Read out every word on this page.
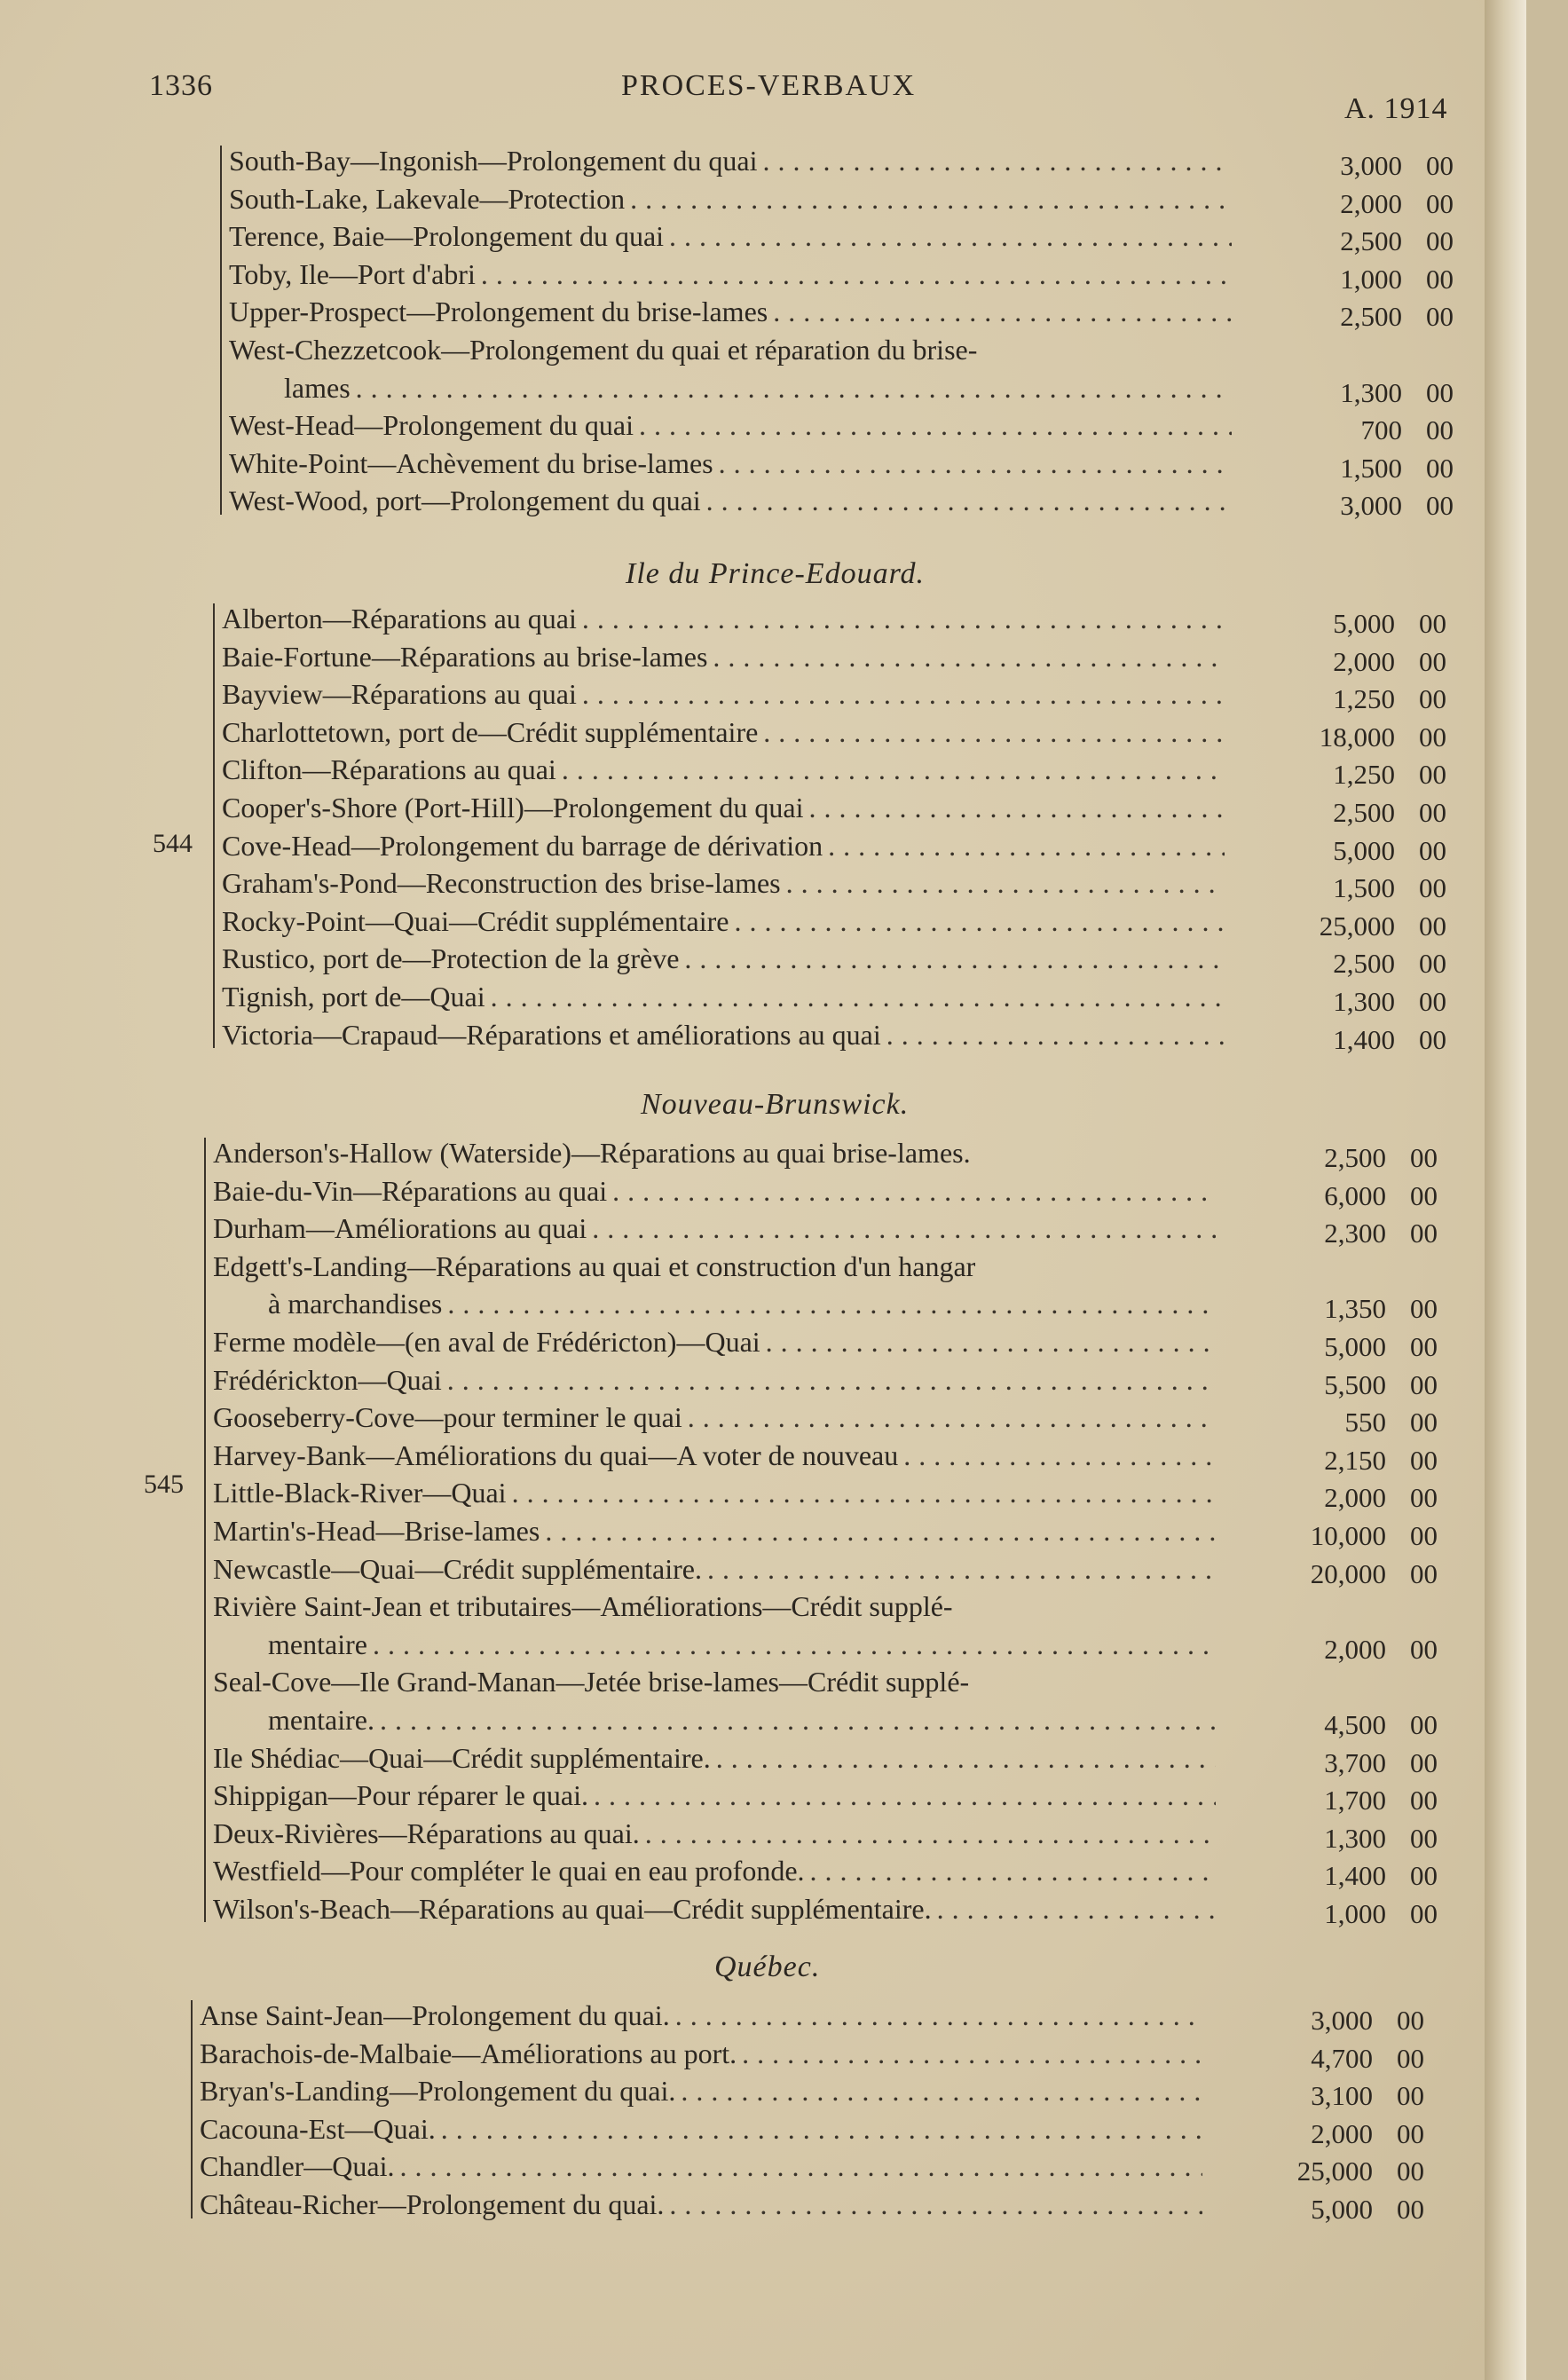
1336	PROCES-VERBAUX
A. 1914
South-Bay—Ingonish—Prolongement du quai .....	3,000 00
South-Lake, Lakevale—Protection .....	2,000 00
Terence, Baie—Prolongement du quai .....	2,500 00
Toby, Ile—Port d'abri .....	1,000 00
Upper-Prospect—Prolongement du brise-lames .....	2,500 00
West-Chezzetcook—Prolongement du quai et réparation du brise-
lames .....	1,300 00
West-Head—Prolongement du quai .....	700 00
White-Point—Achèvement du brise-lames .....	1,500 00
West-Wood, port—Prolongement du quai .....	3,000 00
Ile du Prince-Edouard.
544
Alberton—Réparations au quai .....	5,000 00
Baie-Fortune—Réparations au brise-lames .....	2,000 00
Bayview—Réparations au quai .....	1,250 00
Charlottetown, port de—Crédit supplémentaire .....	18,000 00
Clifton—Réparations au quai .....	1,250 00
Cooper's-Shore (Port-Hill)—Prolongement du quai .....	2,500 00
Cove-Head—Prolongement du barrage de dérivation .....	5,000 00
Graham's-Pond—Reconstruction des brise-lames .....	1,500 00
Rocky-Point—Quai—Crédit supplémentaire .....	25,000 00
Rustico, port de—Protection de la grève .....	2,500 00
Tignish, port de—Quai .....	1,300 00
Victoria—Crapaud—Réparations et améliorations au quai .....	1,400 00
Nouveau-Brunswick.
545
Anderson's-Hallow (Waterside)—Réparations au quai brise-lames.	2,500 00
Baie-du-Vin—Réparations au quai .....	6,000 00
Durham—Améliorations au quai .....	2,300 00
Edgett's-Landing—Réparations au quai et construction d'un hangar
à marchandises .....	1,350 00
Ferme modèle—(en aval de Frédéricton)—Quai .....	5,000 00
Frédérickton—Quai .....	5,500 00
Gooseberry-Cove—pour terminer le quai .....	550 00
Harvey-Bank—Améliorations du quai—A voter de nouveau .....	2,150 00
Little-Black-River—Quai .....	2,000 00
Martin's-Head—Brise-lames .....	10,000 00
Newcastle—Quai—Crédit supplémentaire. .....	20,000 00
Rivière Saint-Jean et tributaires—Améliorations—Crédit supplé-
mentaire .....	2,000 00
Seal-Cove—Ile Grand-Manan—Jetée brise-lames—Crédit supplé-
mentaire. .....	4,500 00
Ile Shédiac—Quai—Crédit supplémentaire. .....	3,700 00
Shippigan—Pour réparer le quai. .....	1,700 00
Deux-Rivières—Réparations au quai. .....	1,300 00
Westfield—Pour compléter le quai en eau profonde. .....	1,400 00
Wilson's-Beach—Réparations au quai—Crédit supplémentaire. .....	1,000 00
Québec.
Anse Saint-Jean—Prolongement du quai. .....	3,000 00
Barachois-de-Malbaie—Améliorations au port. .....	4,700 00
Bryan's-Landing—Prolongement du quai. .....	3,100 00
Cacouna-Est—Quai. .....	2,000 00
Chandler—Quai. .....	25,000 00
Château-Richer—Prolongement du quai. .....	5,000 00
